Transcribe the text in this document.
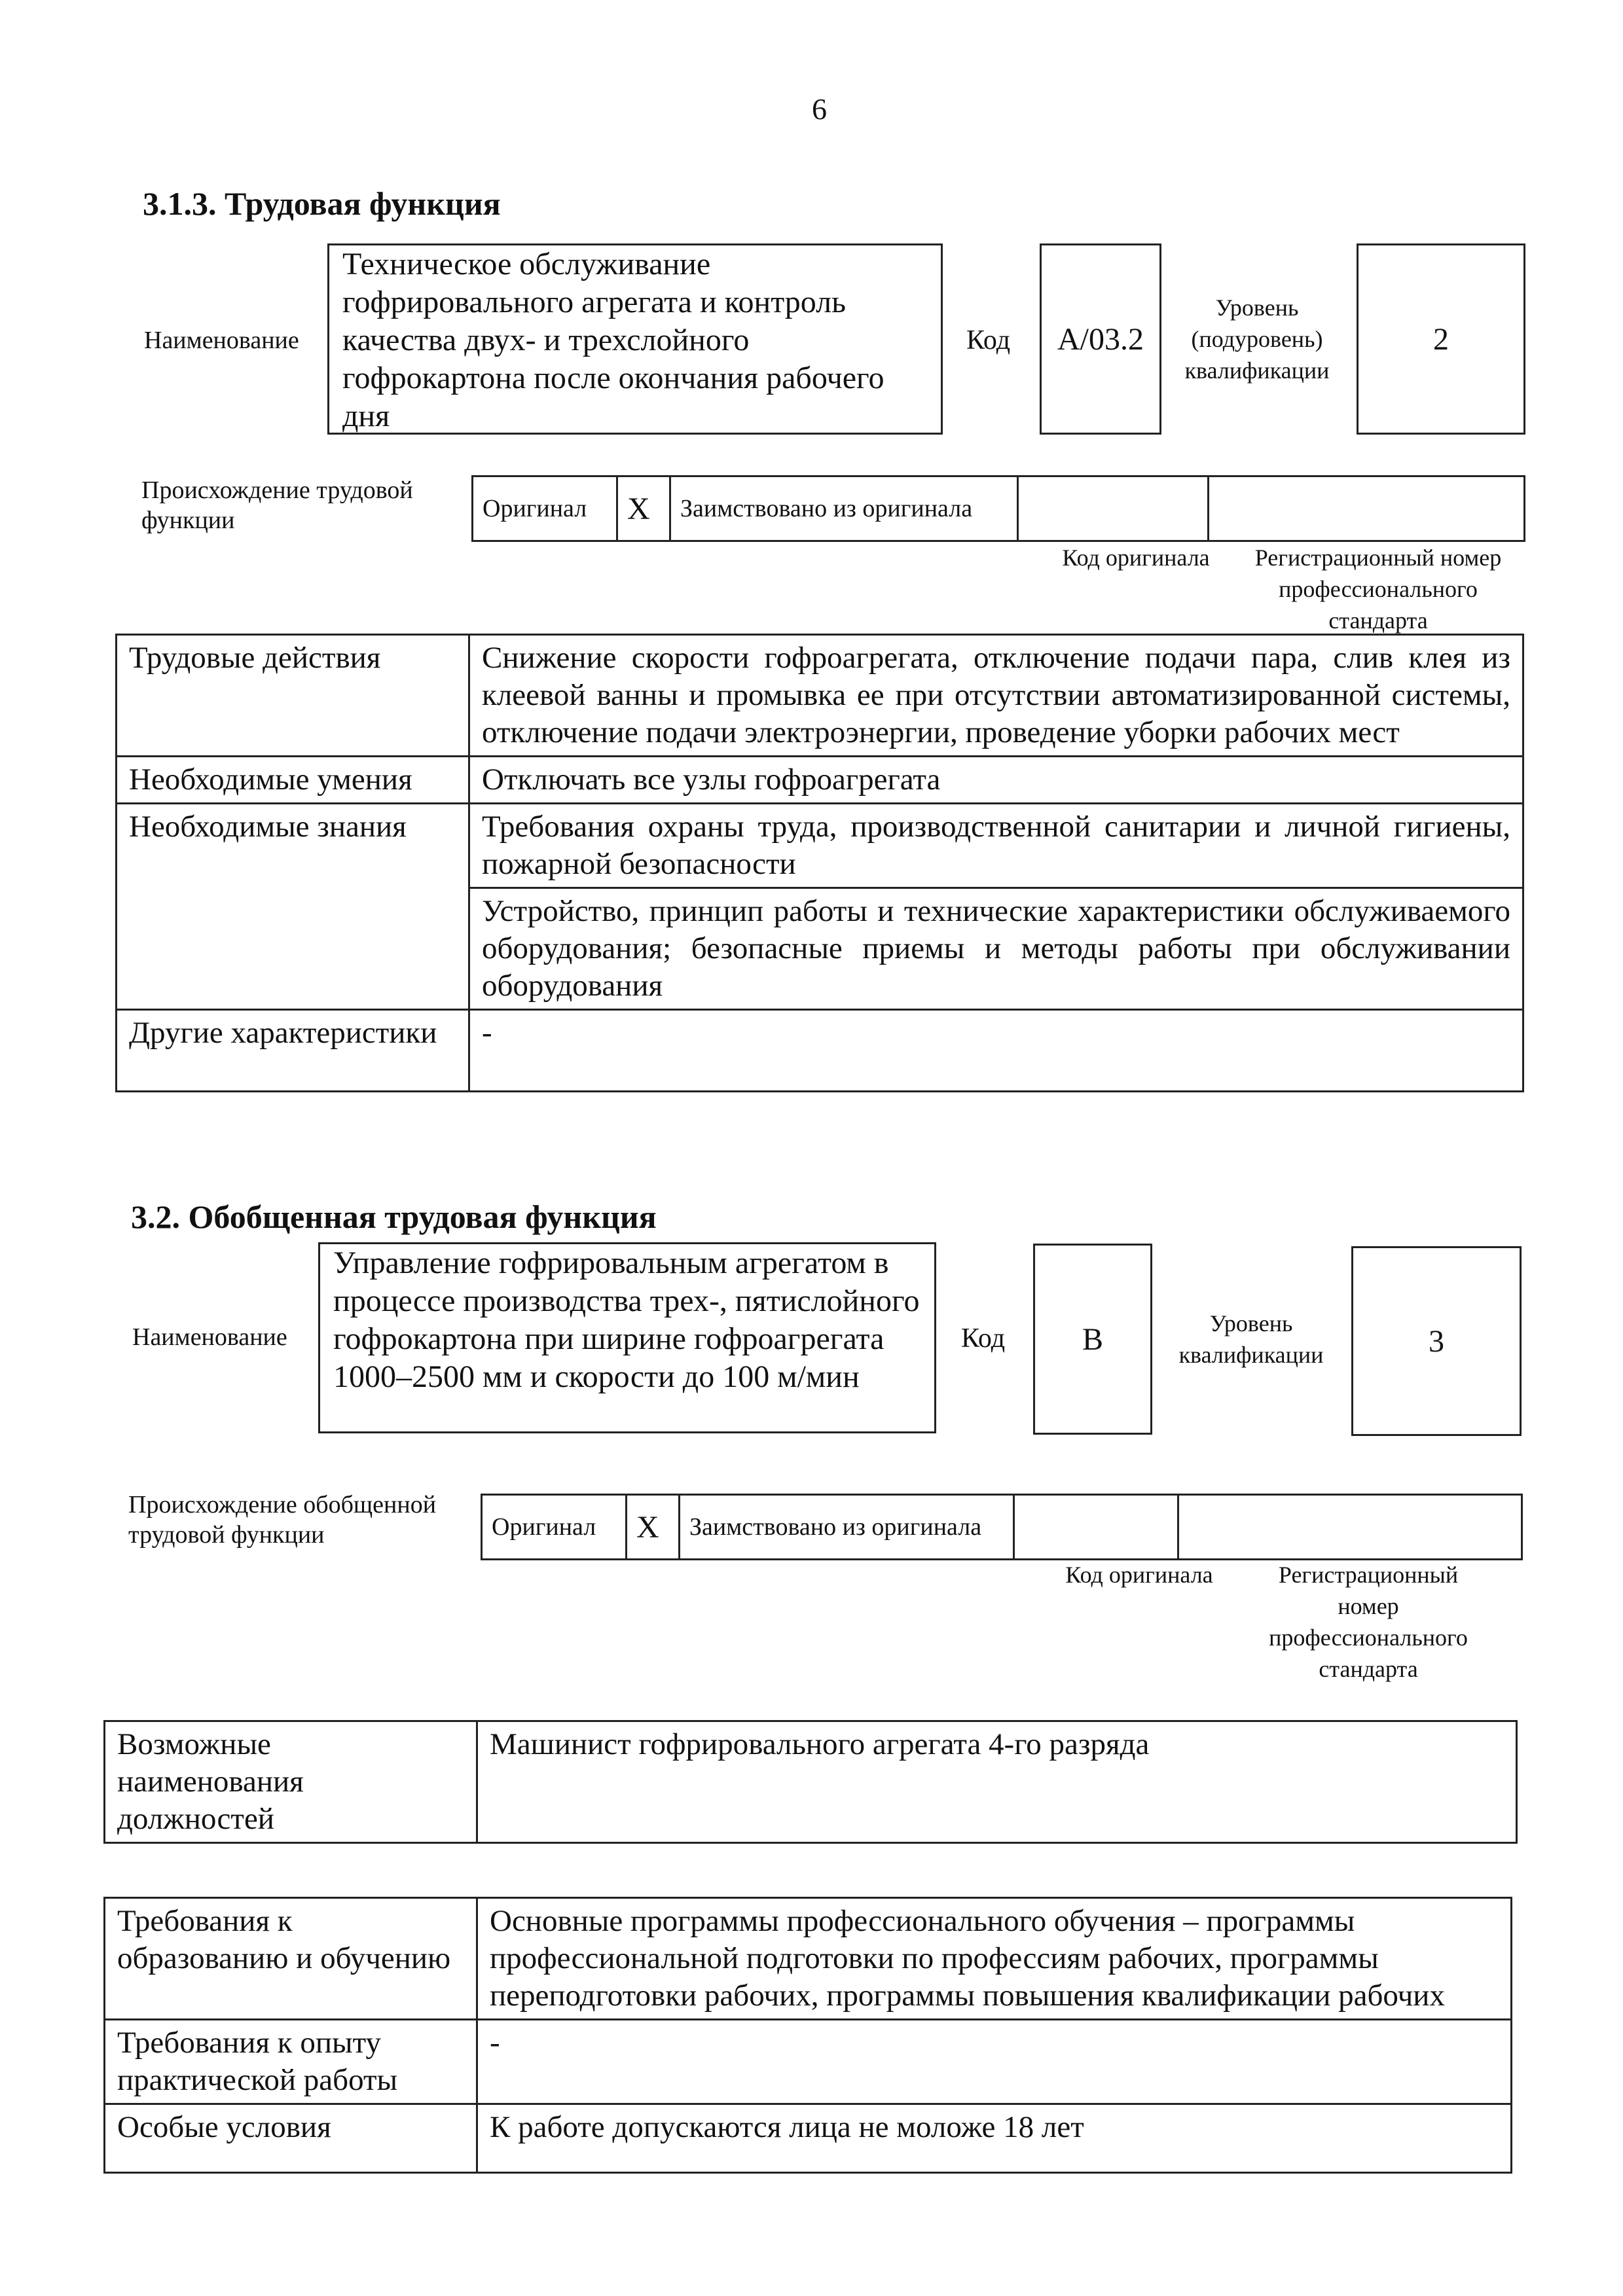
6
3.1.3. Трудовая функция
Наименование
Техническое обслуживание гофрировального агрегата и контроль качества двух- и трехслойного гофрокартона после окончания рабочего дня
Код	A/03.2
Уровень (подуровень) квалификации
2
Происхождение трудовой функции	Оригинал	X	Заимствовано из оригинала		
Код оригинала	Регистрационный номер профессионального стандарта
Трудовые действия	Снижение скорости гофроагрегата, отключение подачи пара, слив клея из клеевой ванны и промывка ее при отсутствии автоматизированной системы, отключение подачи электроэнергии, проведение уборки рабочих мест
Необходимые умения	Отключать все узлы гофроагрегата
Необходимые знания	Требования охраны труда, производственной санитарии и личной гигиены, пожарной безопасности
	Устройство, принцип работы и технические характеристики обслуживаемого оборудования; безопасные приемы и методы работы при обслуживании оборудования
Другие характеристики	-
3.2. Обобщенная трудовая функция
Наименование
Управление гофрировальным агрегатом в процессе производства трех-, пятислойного гофрокартона при ширине гофроагрегата 1000–2500 мм и скорости до 100 м/мин
Код	B	Уровень квалификации	3
Происхождение обобщенной трудовой функции	Оригинал	X	Заимствовано из оригинала		
Код оригинала	Регистрационный номер профессионального стандарта
Возможные наименования должностей	Машинист гофрировального агрегата 4-го разряда
Требования к образованию и обучению	Основные программы профессионального обучения – программы профессиональной подготовки по профессиям рабочих, программы переподготовки рабочих, программы повышения квалификации рабочих
Требования к опыту практической работы	-
Особые условия	К работе допускаются лица не моложе 18 лет
